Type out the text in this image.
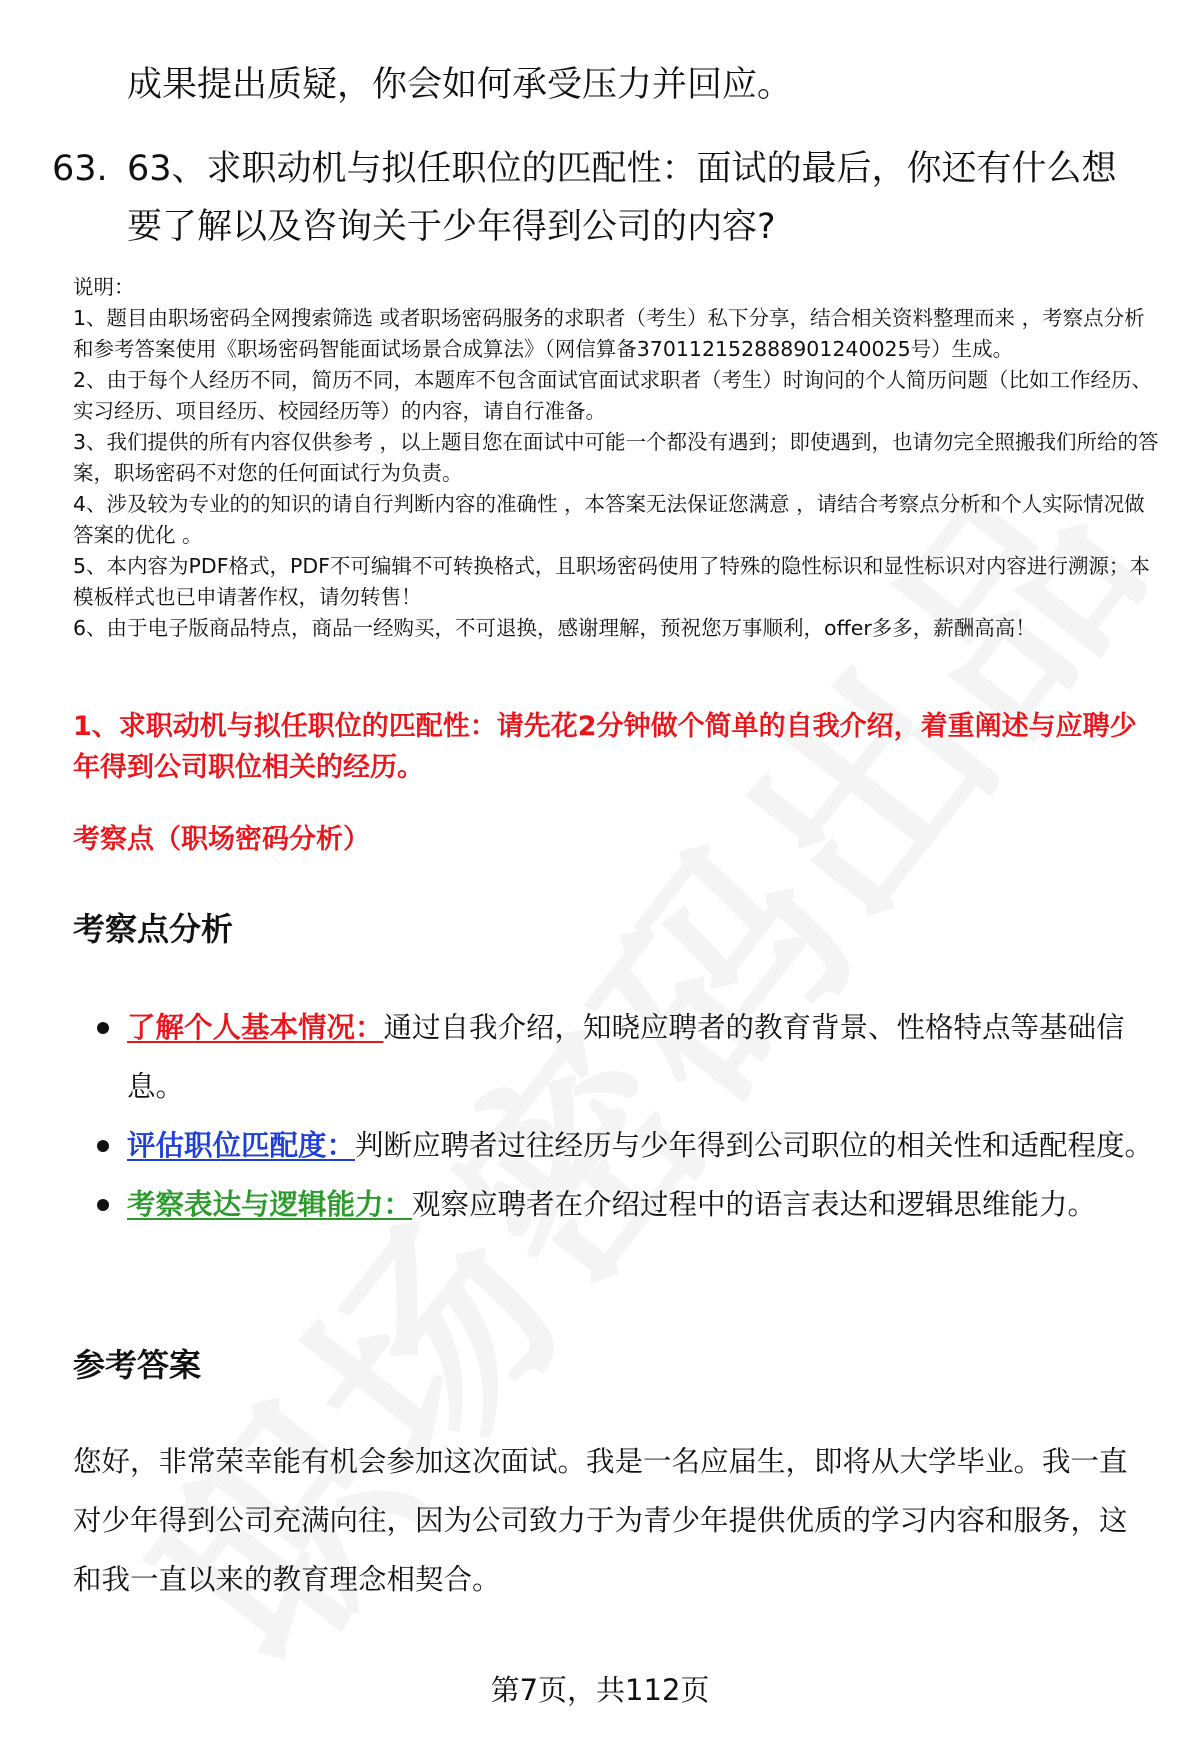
成果提出质疑，你会如何承受压力并回应。

63. 63、求职动机与拟任职位的匹配性：面试的最后，你还有什么想要了解以及咨询关于少年得到公司的内容?

说明：

1、题目由职场密码全网搜索筛选 或者职场密码服务的求职者（考生）私下分享，结合相关资料整理而来 ，考察点分析和参考答案使用《职场密码智能面试场景合成算法》（网信算备370112152888901240025号）生成。

2、由于每个人经历不同，简历不同，本题库不包含面试官面试求职者（考生）时询问的个人简历问题（比如工作经历、实习经历、项目经历、校园经历等）的内容，请自行准备。

3、我们提供的所有内容仅供参考 ，以上题目您在面试中可能一个都没有遇到；即使遇到，也请勿完全照搬我们所给的答案，职场密码不对您的任何面试行为负责。

4、涉及较为专业的的知识的请自行判断内容的准确性 ，本答案无法保证您满意 ，请结合考察点分析和个人实际情况做答案的优化 。

5、本内容为PDF格式，PDF不可编辑不可转换格式，且职场密码使用了特殊的隐性标识和显性标识对内容进行溯源；本模板样式也已申请著作权，请勿转售！

6、由于电子版商品特点，商品一经购买，不可退换，感谢理解，预祝您万事顺利，offer多多，薪酬高高！

1、求职动机与拟任职位的匹配性：请先花2分钟做个简单的自我介绍，着重阐述与应聘少年得到公司职位相关的经历。

考察点（职场密码分析）

考察点分析
了解个人基本情况：通过自我介绍，知晓应聘者的教育背景、性格特点等基础信息。
评估职位匹配度：判断应聘者过往经历与少年得到公司职位的相关性和适配程度。
考察表达与逻辑能力：观察应聘者在介绍过程中的语言表达和逻辑思维能力。
参考答案

您好，非常荣幸能有机会参加这次面试。我是一名应届生，即将从大学毕业。我一直对少年得到公司充满向往，因为公司致力于为青少年提供优质的学习内容和服务，这和我一直以来的教育理念相契合。

第7页，共112页
